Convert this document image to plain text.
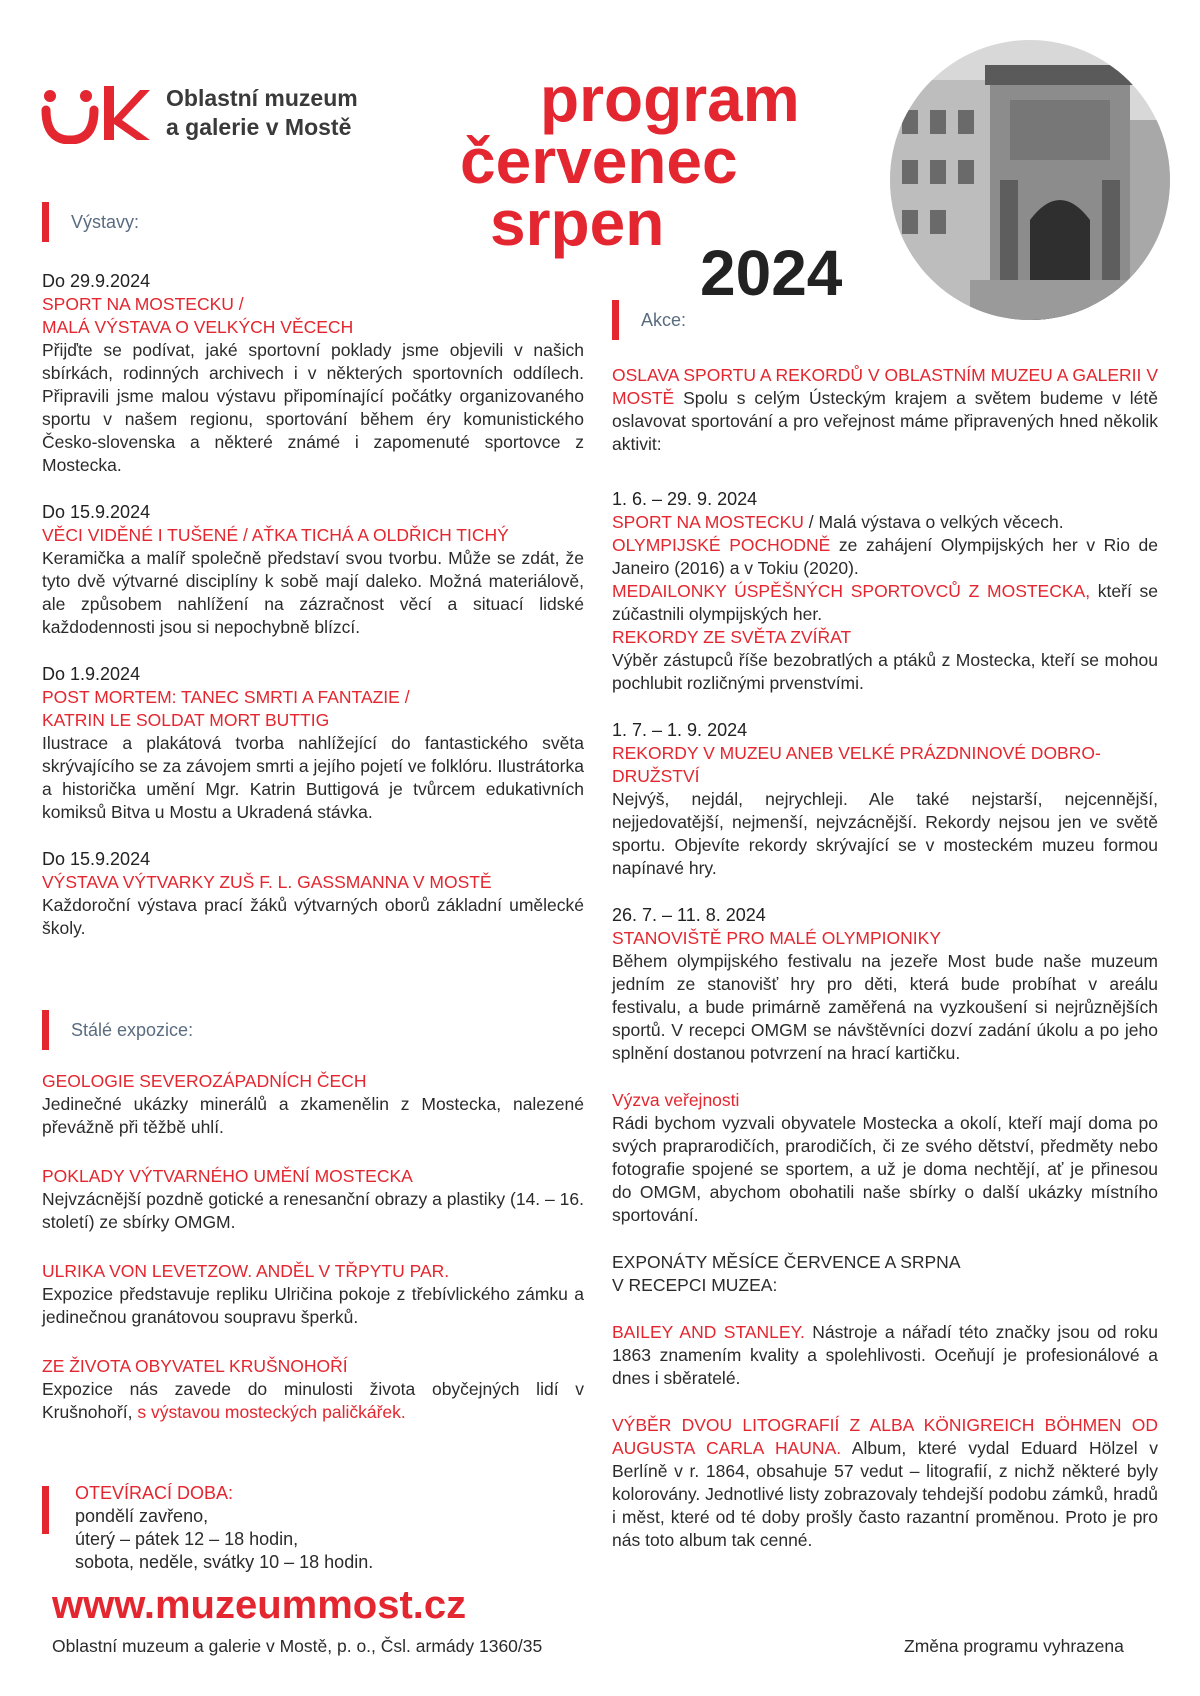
Oblastní muzeum
a galerie v Mostě	program
červenec
srpen
2024
Výstavy:

Do 29.9.2024

SPORT NA MOSTECKU /

MALÁ VÝSTAVA O VELKÝCH VĚCECH

Přijďte se podívat, jaké sportovní poklady jsme objevili v našich sbírkách, rodinných archivech i v některých sportovních oddílech. Připravili jsme malou výstavu připomínající počátky organizovaného sportu v našem regionu, sportování během éry komunistického Česko-slovenska a některé známé i zapomenuté sportovce z Mostecka.

Do 15.9.2024

VĚCI VIDĚNÉ I TUŠENÉ / AŤKA TICHÁ A OLDŘICH TICHÝ

Keramička a malíř společně představí svou tvorbu. Může se zdát, že tyto dvě výtvarné disciplíny k sobě mají daleko. Možná materiálově, ale způsobem nahlížení na zázračnost věcí a situací lidské každodennosti jsou si nepochybně blízcí.

Do 1.9.2024

POST MORTEM: TANEC SMRTI A FANTAZIE /

KATRIN LE SOLDAT MORT BUTTIG

Ilustrace a plakátová tvorba nahlížející do fantastického světa skrývajícího se za závojem smrti a jejího pojetí ve folklóru. Ilustrátorka a historička umění Mgr. Katrin Buttigová je tvůrcem edukativních komiksů Bitva u Mostu a Ukradená stávka.

Do 15.9.2024

VÝSTAVA VÝTVARKY ZUŠ F. L. GASSMANNA V MOSTĚ

Každoroční výstava prací žáků výtvarných oborů základní umělecké školy.

Stálé expozice:

GEOLOGIE SEVEROZÁPADNÍCH ČECH

Jedinečné ukázky minerálů a zkamenělin z Mostecka, nalezené převážně při těžbě uhlí.

POKLADY VÝTVARNÉHO UMĚNÍ MOSTECKA

Nejvzácnější pozdně gotické a renesanční obrazy a plastiky (14. – 16. století) ze sbírky OMGM.

ULRIKA VON LEVETZOW. ANDĚL V TŘPYTU PAR.

Expozice představuje repliku Ulričina pokoje z třebívlického zámku a jedinečnou granátovou soupravu šperků.

ZE ŽIVOTA OBYVATEL KRUŠNOHOŘÍ

Expozice nás zavede do minulosti života obyčejných lidí v Krušnohoří, s výstavou mosteckých paličkářek.

OTEVÍRACÍ DOBA:
pondělí zavřeno,
úterý – pátek 12 – 18 hodin,
sobota, neděle, svátky 10 – 18 hodin.
Akce:

OSLAVA SPORTU A REKORDŮ V OBLASTNÍM MUZEU A GALERII V MOSTĚ Spolu s celým Ústeckým krajem a světem budeme v létě oslavovat sportování a pro veřejnost máme připravených hned několik aktivit:

1. 6. – 29. 9. 2024

SPORT NA MOSTECKU / Malá výstava o velkých věcech.

OLYMPIJSKÉ POCHODNĚ ze zahájení Olympijských her v Rio de Janeiro (2016) a v Tokiu (2020).

MEDAILONKY ÚSPĚŠNÝCH SPORTOVCŮ Z MOSTECKA, kteří se zúčastnili olympijských her.

REKORDY ZE SVĚTA ZVÍŘAT

Výběr zástupců říše bezobratlých a ptáků z Mostecka, kteří se mohou pochlubit rozličnými prvenstvími.

1. 7. – 1. 9. 2024

REKORDY V MUZEU ANEB VELKÉ PRÁZDNINOVÉ DOBRO-DRUŽSTVÍ

Nejvýš, nejdál, nejrychleji. Ale také nejstarší, nejcennější, nejjedovatější, nejmenší, nejvzácnější. Rekordy nejsou jen ve světě sportu. Objevíte rekordy skrývající se v mosteckém muzeu formou napínavé hry.

26. 7. – 11. 8. 2024

STANOVIŠTĚ PRO MALÉ OLYMPIONIKY

Během olympijského festivalu na jezeře Most bude naše muzeum jedním ze stanovišť hry pro děti, která bude probíhat v areálu festivalu, a bude primárně zaměřená na vyzkoušení si nejrůznějších sportů. V recepci OMGM se návštěvníci dozví zadání úkolu a po jeho splnění dostanou potvrzení na hrací kartičku.

Výzva veřejnosti

Rádi bychom vyzvali obyvatele Mostecka a okolí, kteří mají doma po svých praprarodičích, prarodičích, či ze svého dětství, předměty nebo fotografie spojené se sportem, a už je doma nechtějí, ať je přinesou do OMGM, abychom obohatili naše sbírky o další ukázky místního sportování.

EXPONÁTY MĚSÍCE ČERVENCE A SRPNA

V RECEPCI MUZEA:

BAILEY AND STANLEY. Nástroje a nářadí této značky jsou od roku 1863 znamením kvality a spolehlivosti. Oceňují je profesionálové a dnes i sběratelé.

VÝBĚR DVOU LITOGRAFIÍ Z ALBA KÖNIGREICH BÖHMEN OD AUGUSTA CARLA HAUNA. Album, které vydal Eduard Hölzel v Berlíně v r. 1864, obsahuje 57 vedut – litografií, z nichž některé byly kolorovány. Jednotlivé listy zobrazovaly tehdejší podobu zámků, hradů i měst, které od té doby prošly často razantní proměnou. Proto je pro nás toto album tak cenné.

www.muzeummost.cz
Oblastní muzeum a galerie v Mostě, p. o., Čsl. armády 1360/35	Změna programu vyhrazena
